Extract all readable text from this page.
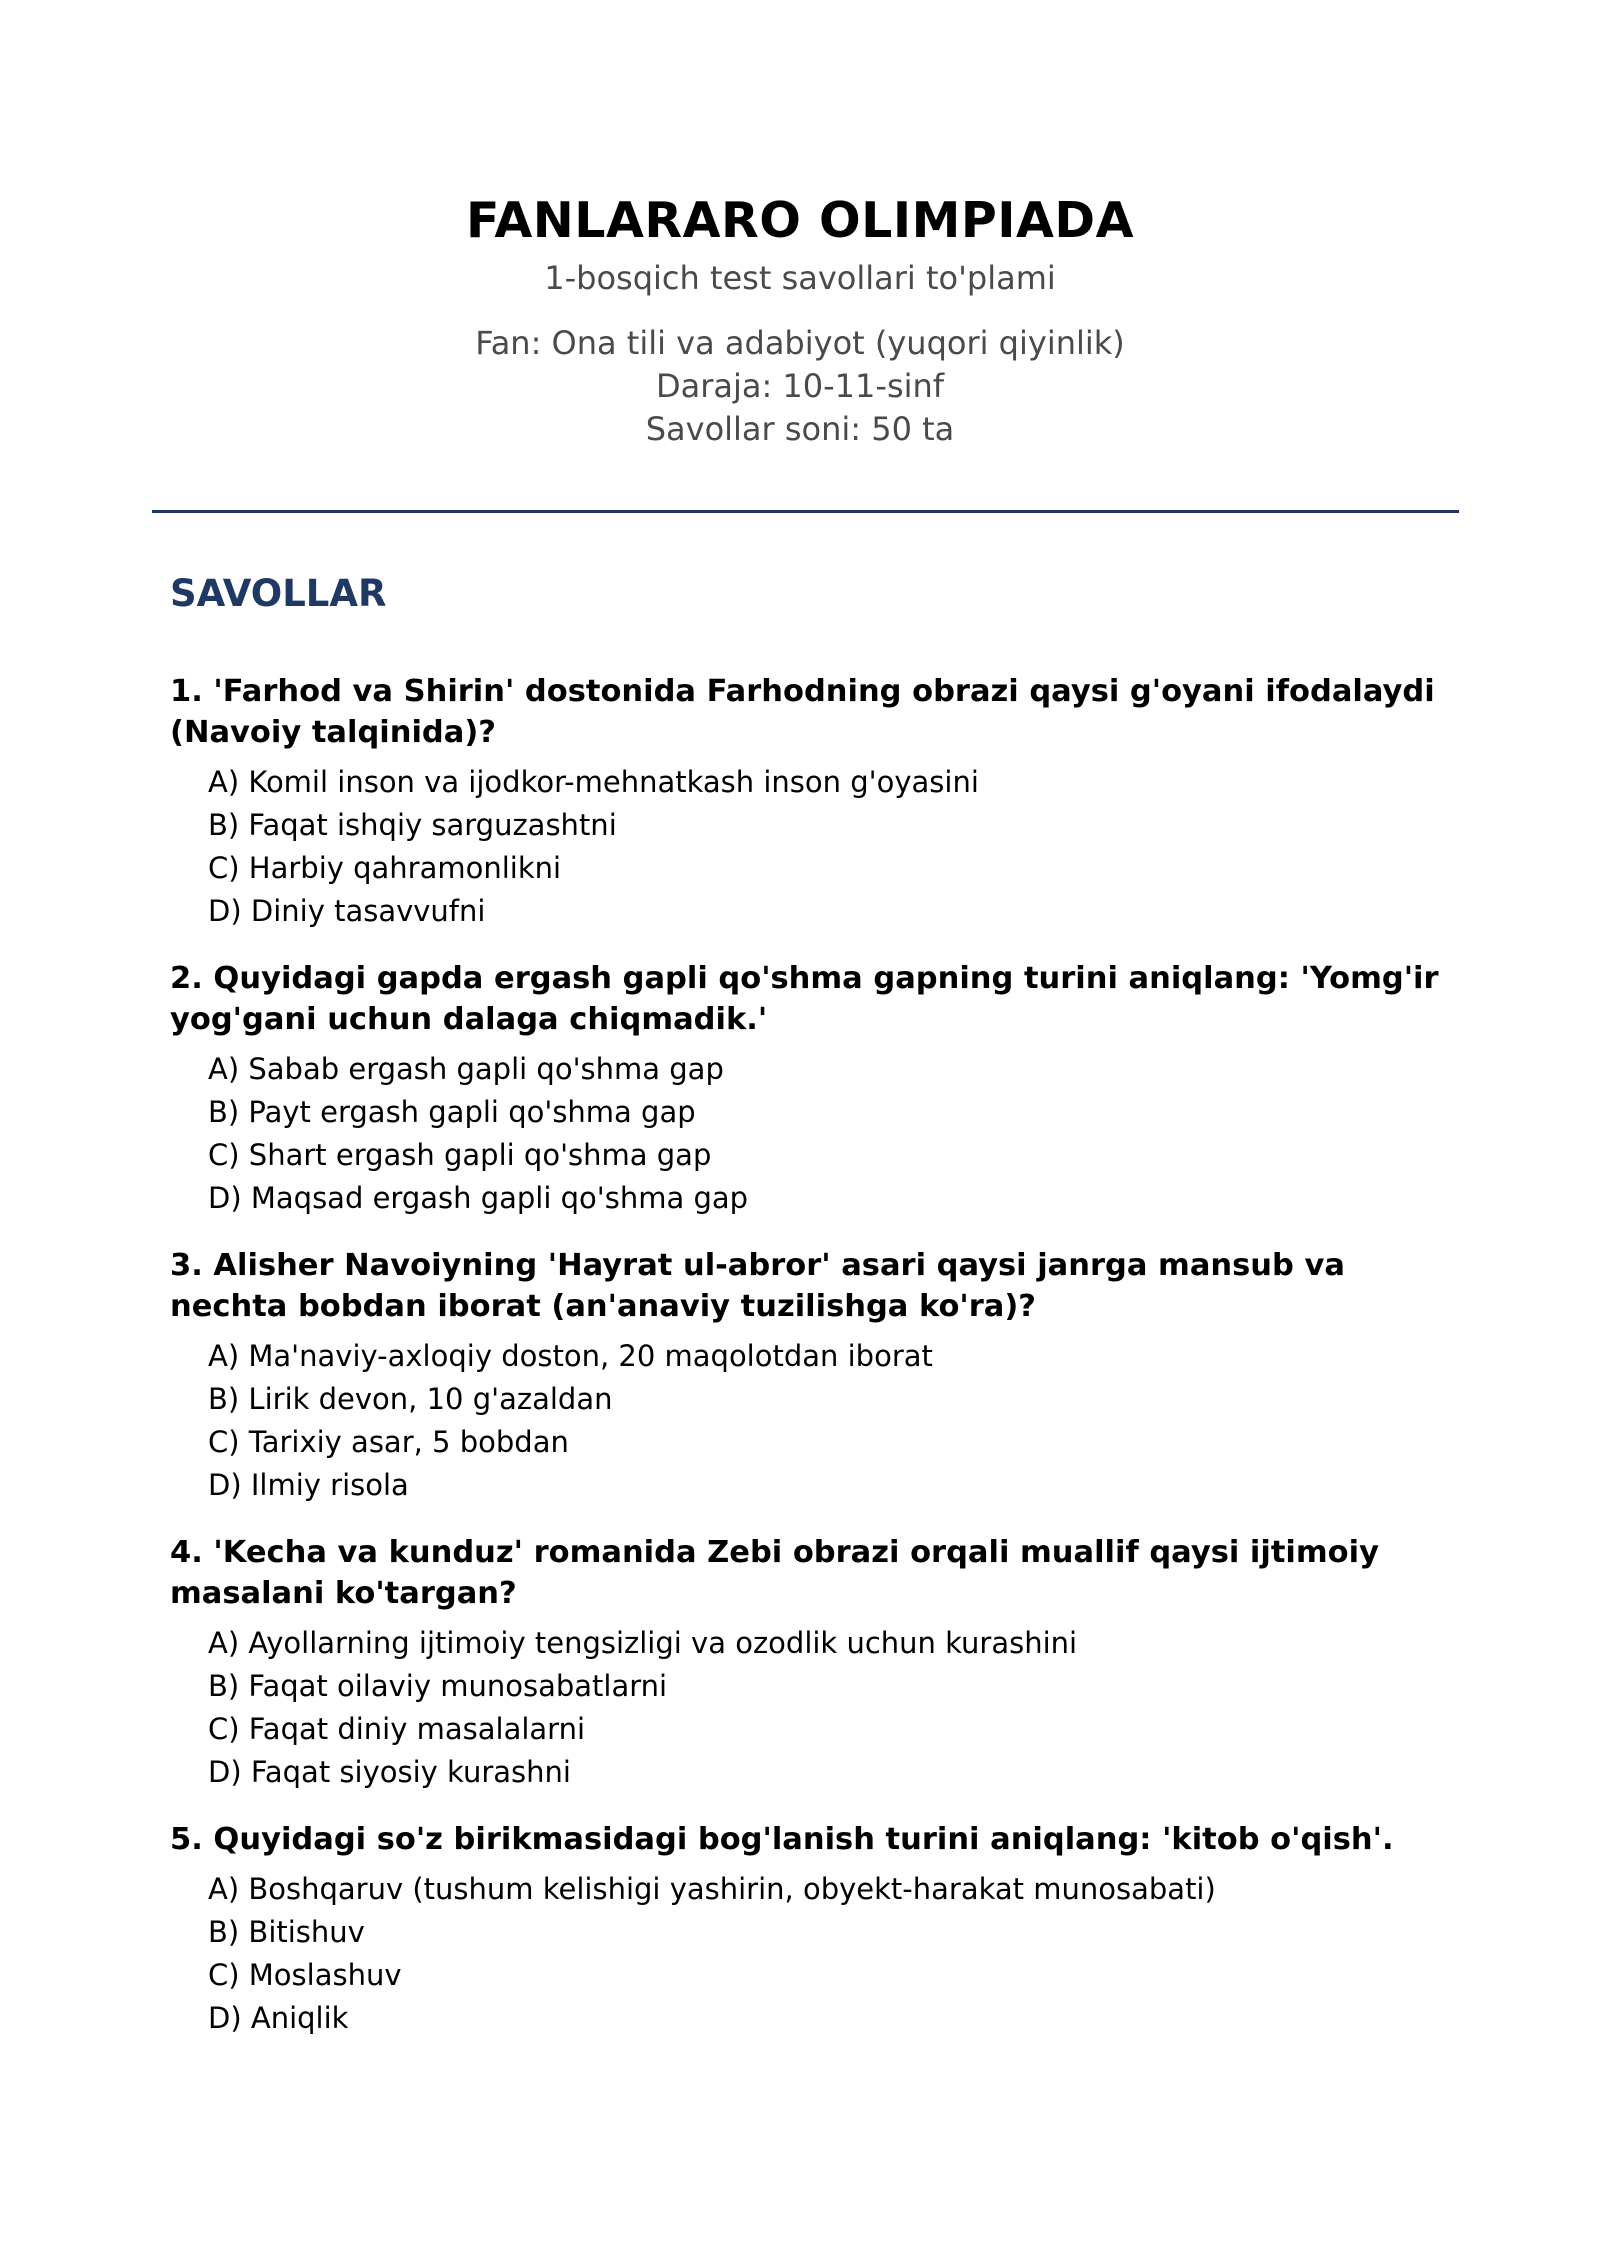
FANLARARO OLIMPIADA
1-bosqich test savollari to'plami
Fan: Ona tili va adabiyot (yuqori qiyinlik)
Daraja: 10-11-sinf
Savollar soni: 50 ta
SAVOLLAR
1. 'Farhod va Shirin' dostonida Farhodning obrazi qaysi g'oyani ifodalaydi (Navoiy talqinida)?
A) Komil inson va ijodkor-mehnatkash inson g'oyasini
B) Faqat ishqiy sarguzashtni
C) Harbiy qahramonlikni
D) Diniy tasavvufni
2. Quyidagi gapda ergash gapli qo'shma gapning turini aniqlang: 'Yomg'ir yog'gani uchun dalaga chiqmadik.'
A) Sabab ergash gapli qo'shma gap
B) Payt ergash gapli qo'shma gap
C) Shart ergash gapli qo'shma gap
D) Maqsad ergash gapli qo'shma gap
3. Alisher Navoiyning 'Hayrat ul-abror' asari qaysi janrga mansub va nechta bobdan iborat (an'anaviy tuzilishga ko'ra)?
A) Ma'naviy-axloqiy doston, 20 maqolotdan iborat
B) Lirik devon, 10 g'azaldan
C) Tarixiy asar, 5 bobdan
D) Ilmiy risola
4. 'Kecha va kunduz' romanida Zebi obrazi orqali muallif qaysi ijtimoiy masalani ko'targan?
A) Ayollarning ijtimoiy tengsizligi va ozodlik uchun kurashini
B) Faqat oilaviy munosabatlarni
C) Faqat diniy masalalarni
D) Faqat siyosiy kurashni
5. Quyidagi so'z birikmasidagi bog'lanish turini aniqlang: 'kitob o'qish'.
A) Boshqaruv (tushum kelishigi yashirin, obyekt-harakat munosabati)
B) Bitishuv
C) Moslashuv
D) Aniqlik
